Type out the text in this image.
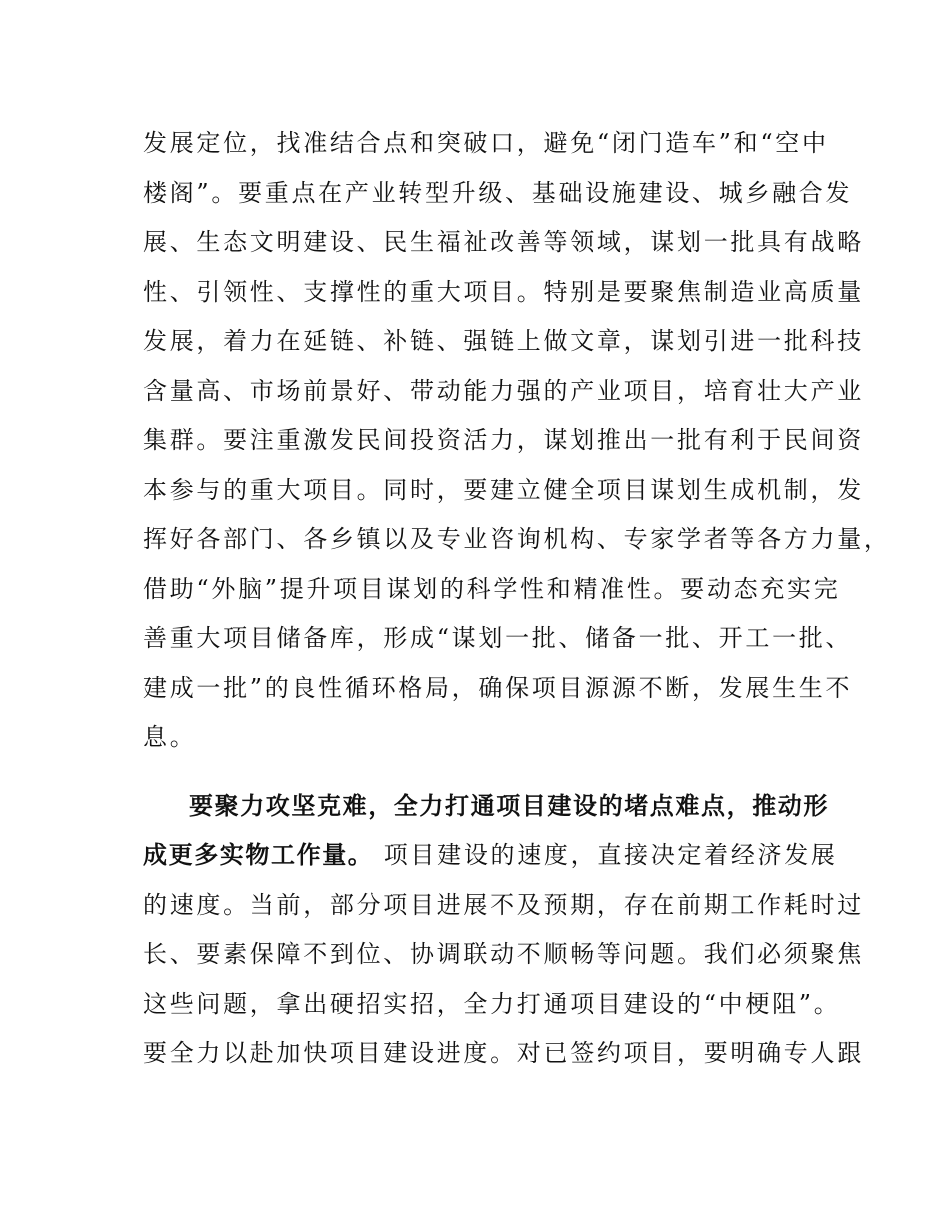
发展定位，找准结合点和突破口，避免“闭门造车”和“空中
楼阁”。要重点在产业转型升级、基础设施建设、城乡融合发
展、生态文明建设、民生福祉改善等领域，谋划一批具有战略
性、引领性、支撑性的重大项目。特别是要聚焦制造业高质量
发展，着力在延链、补链、强链上做文章，谋划引进一批科技
含量高、市场前景好、带动能力强的产业项目，培育壮大产业
集群。要注重激发民间投资活力，谋划推出一批有利于民间资
本参与的重大项目。同时，要建立健全项目谋划生成机制，发
挥好各部门、各乡镇以及专业咨询机构、专家学者等各方力量，
借助“外脑”提升项目谋划的科学性和精准性。要动态充实完
善重大项目储备库，形成“谋划一批、储备一批、开工一批、
建成一批”的良性循环格局，确保项目源源不断，发展生生不
息。
要聚力攻坚克难，全力打通项目建设的堵点难点，推动形
成更多实物工作量。 项目建设的速度，直接决定着经济发展
的速度。当前，部分项目进展不及预期，存在前期工作耗时过
长、要素保障不到位、协调联动不顺畅等问题。我们必须聚焦
这些问题，拿出硬招实招，全力打通项目建设的“中梗阻”。
要全力以赴加快项目建设进度。对已签约项目，要明确专人跟
